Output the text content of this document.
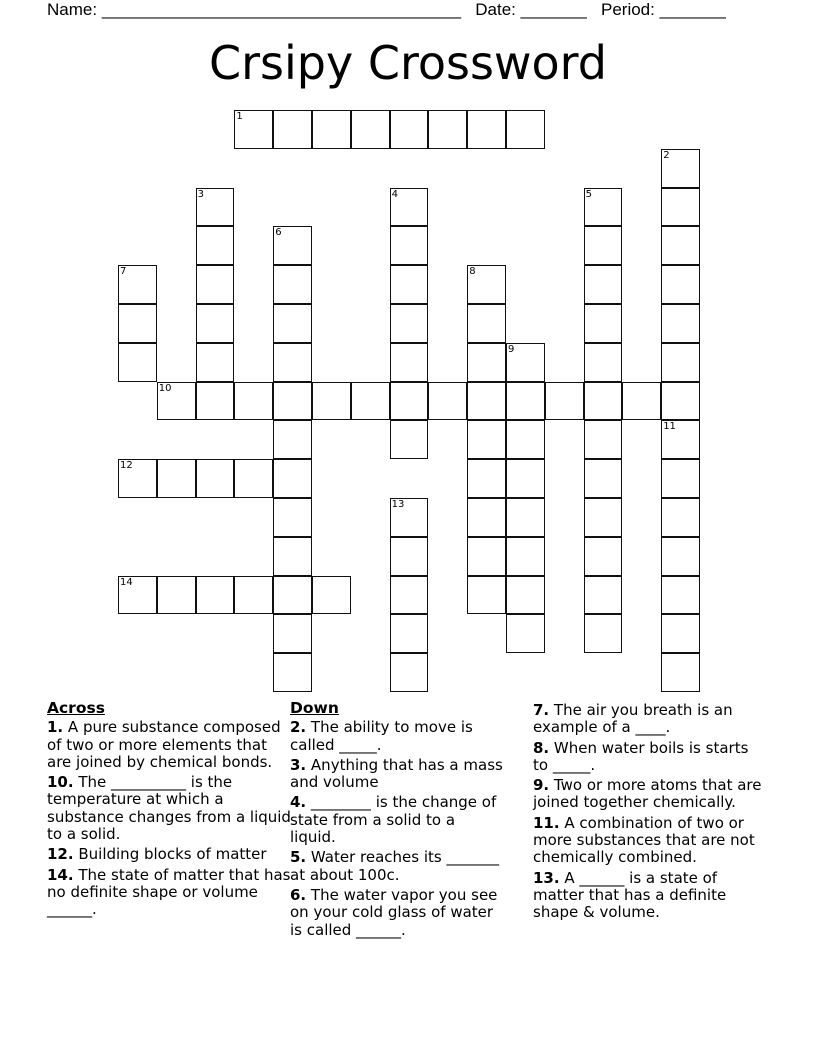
Name: ______________________________________ Date: _______ Period: _______
Crsipy Crossword
1
2
3	4	5
6
7	8
9
10
11
12
13
14
Across
1. A pure substance composed of two or more elements that are joined by chemical bonds.
10. The __________ is the temperature at which a substance changes from a liquid to a solid.
12. Building blocks of matter
14. The state of matter that has no definite shape or volume ______.
Down
2. The ability to move is called _____.
3. Anything that has a mass and volume
4. ________ is the change of state from a solid to a liquid.
5. Water reaches its _______ at about 100c.
6. The water vapor you see on your cold glass of water is called ______.
7. The air you breath is an example of a ____.
8. When water boils is starts to _____.
9. Two or more atoms that are joined together chemically.
11. A combination of two or more substances that are not chemically combined.
13. A ______ is a state of matter that has a definite shape & volume.
